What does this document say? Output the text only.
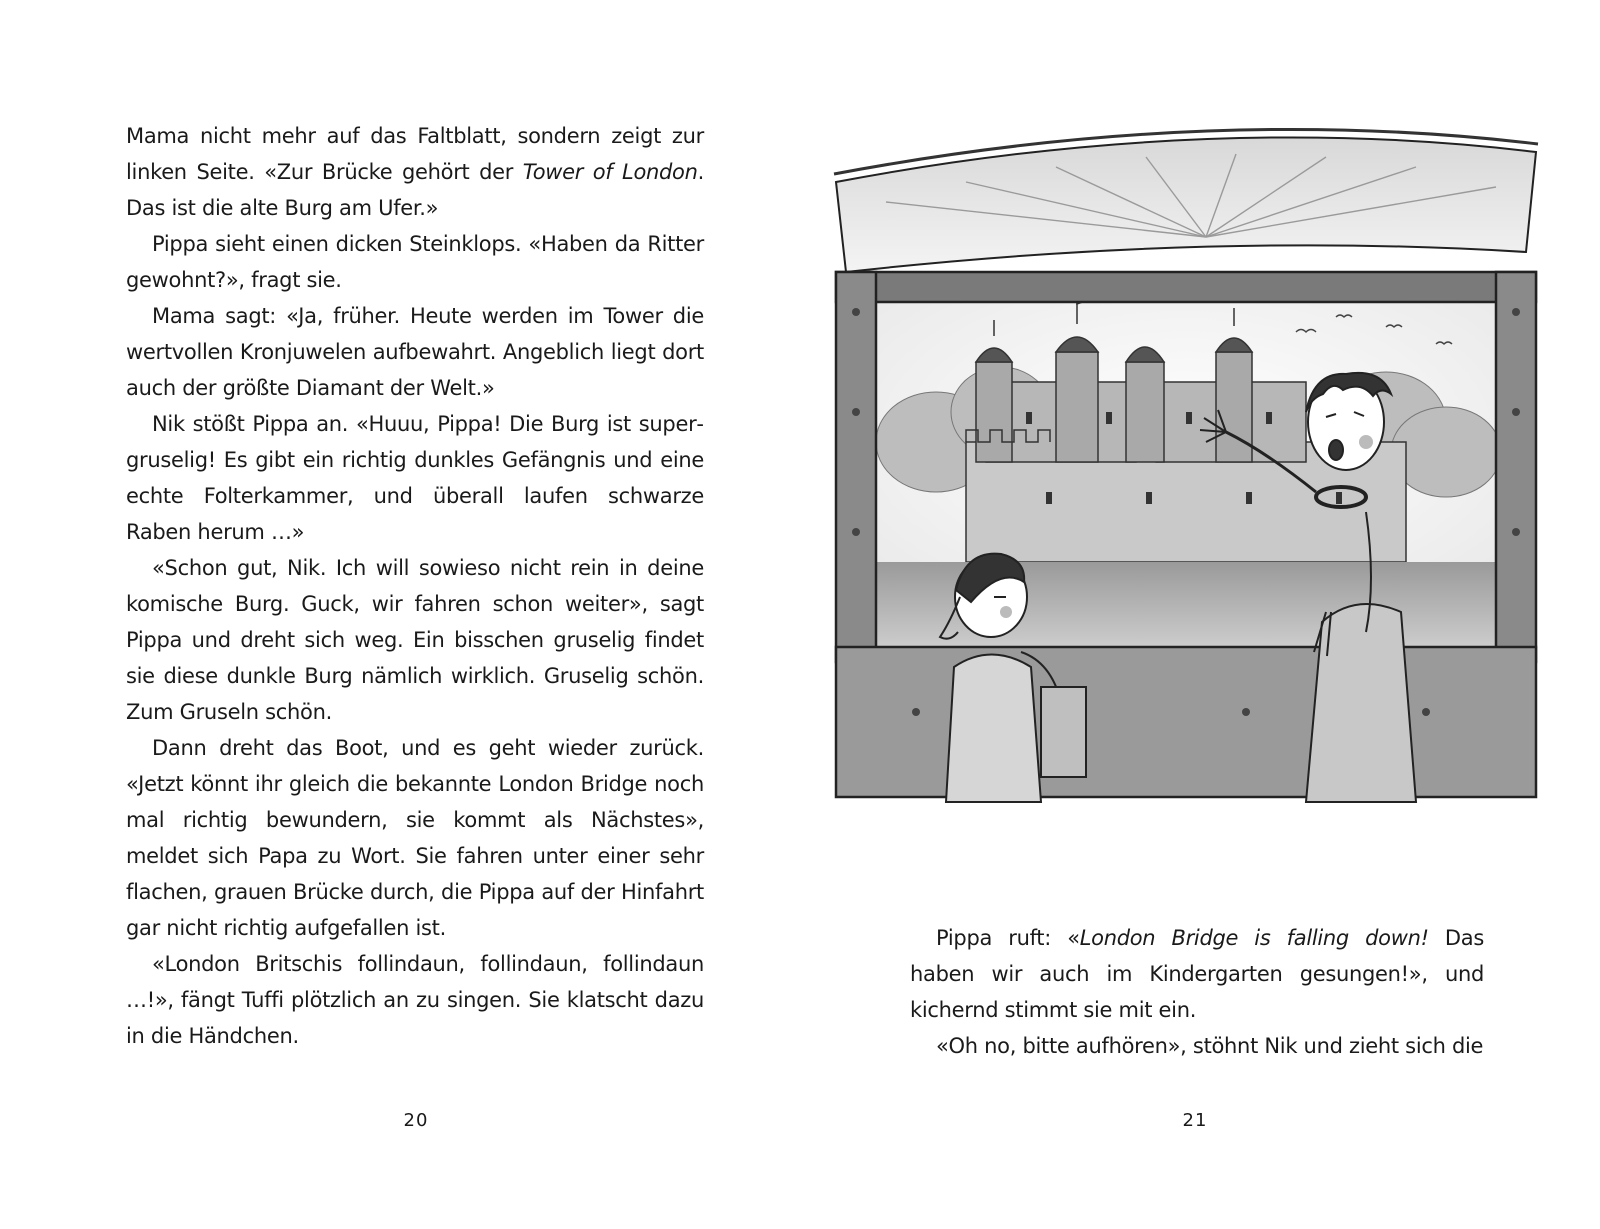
Mama nicht mehr auf das Faltblatt, sondern zeigt zur linken Seite. «Zur Brücke gehört der Tower of London. Das ist die alte Burg am Ufer.»

Pippa sieht einen dicken Steinklops. «Haben da Ritter gewohnt?», fragt sie.

Mama sagt: «Ja, früher. Heute werden im Tower die wertvollen Kronjuwelen aufbewahrt. Angeblich liegt dort auch der größte Diamant der Welt.»

Nik stößt Pippa an. «Huuu, Pippa! Die Burg ist supergruselig! Es gibt ein richtig dunkles Gefängnis und eine echte Folterkammer, und überall laufen schwarze Raben herum …»

«Schon gut, Nik. Ich will sowieso nicht rein in deine komische Burg. Guck, wir fahren schon weiter», sagt Pippa und dreht sich weg. Ein bisschen gruselig findet sie diese dunkle Burg nämlich wirklich. Gruselig schön. Zum Gruseln schön.

Dann dreht das Boot, und es geht wieder zurück. «Jetzt könnt ihr gleich die bekannte London Bridge noch mal richtig bewundern, sie kommt als Nächstes», meldet sich Papa zu Wort. Sie fahren unter einer sehr flachen, grauen Brücke durch, die Pippa auf der Hinfahrt gar nicht richtig aufgefallen ist.

«London Britschis follindaun, follindaun, follindaun …!», fängt Tuffi plötzlich an zu singen. Sie klatscht dazu in die Händchen.

20

Pippa ruft: «London Bridge is falling down! Das haben wir auch im Kindergarten gesungen!», und kichernd stimmt sie mit ein.

«Oh no, bitte aufhören», stöhnt Nik und zieht sich die

21
